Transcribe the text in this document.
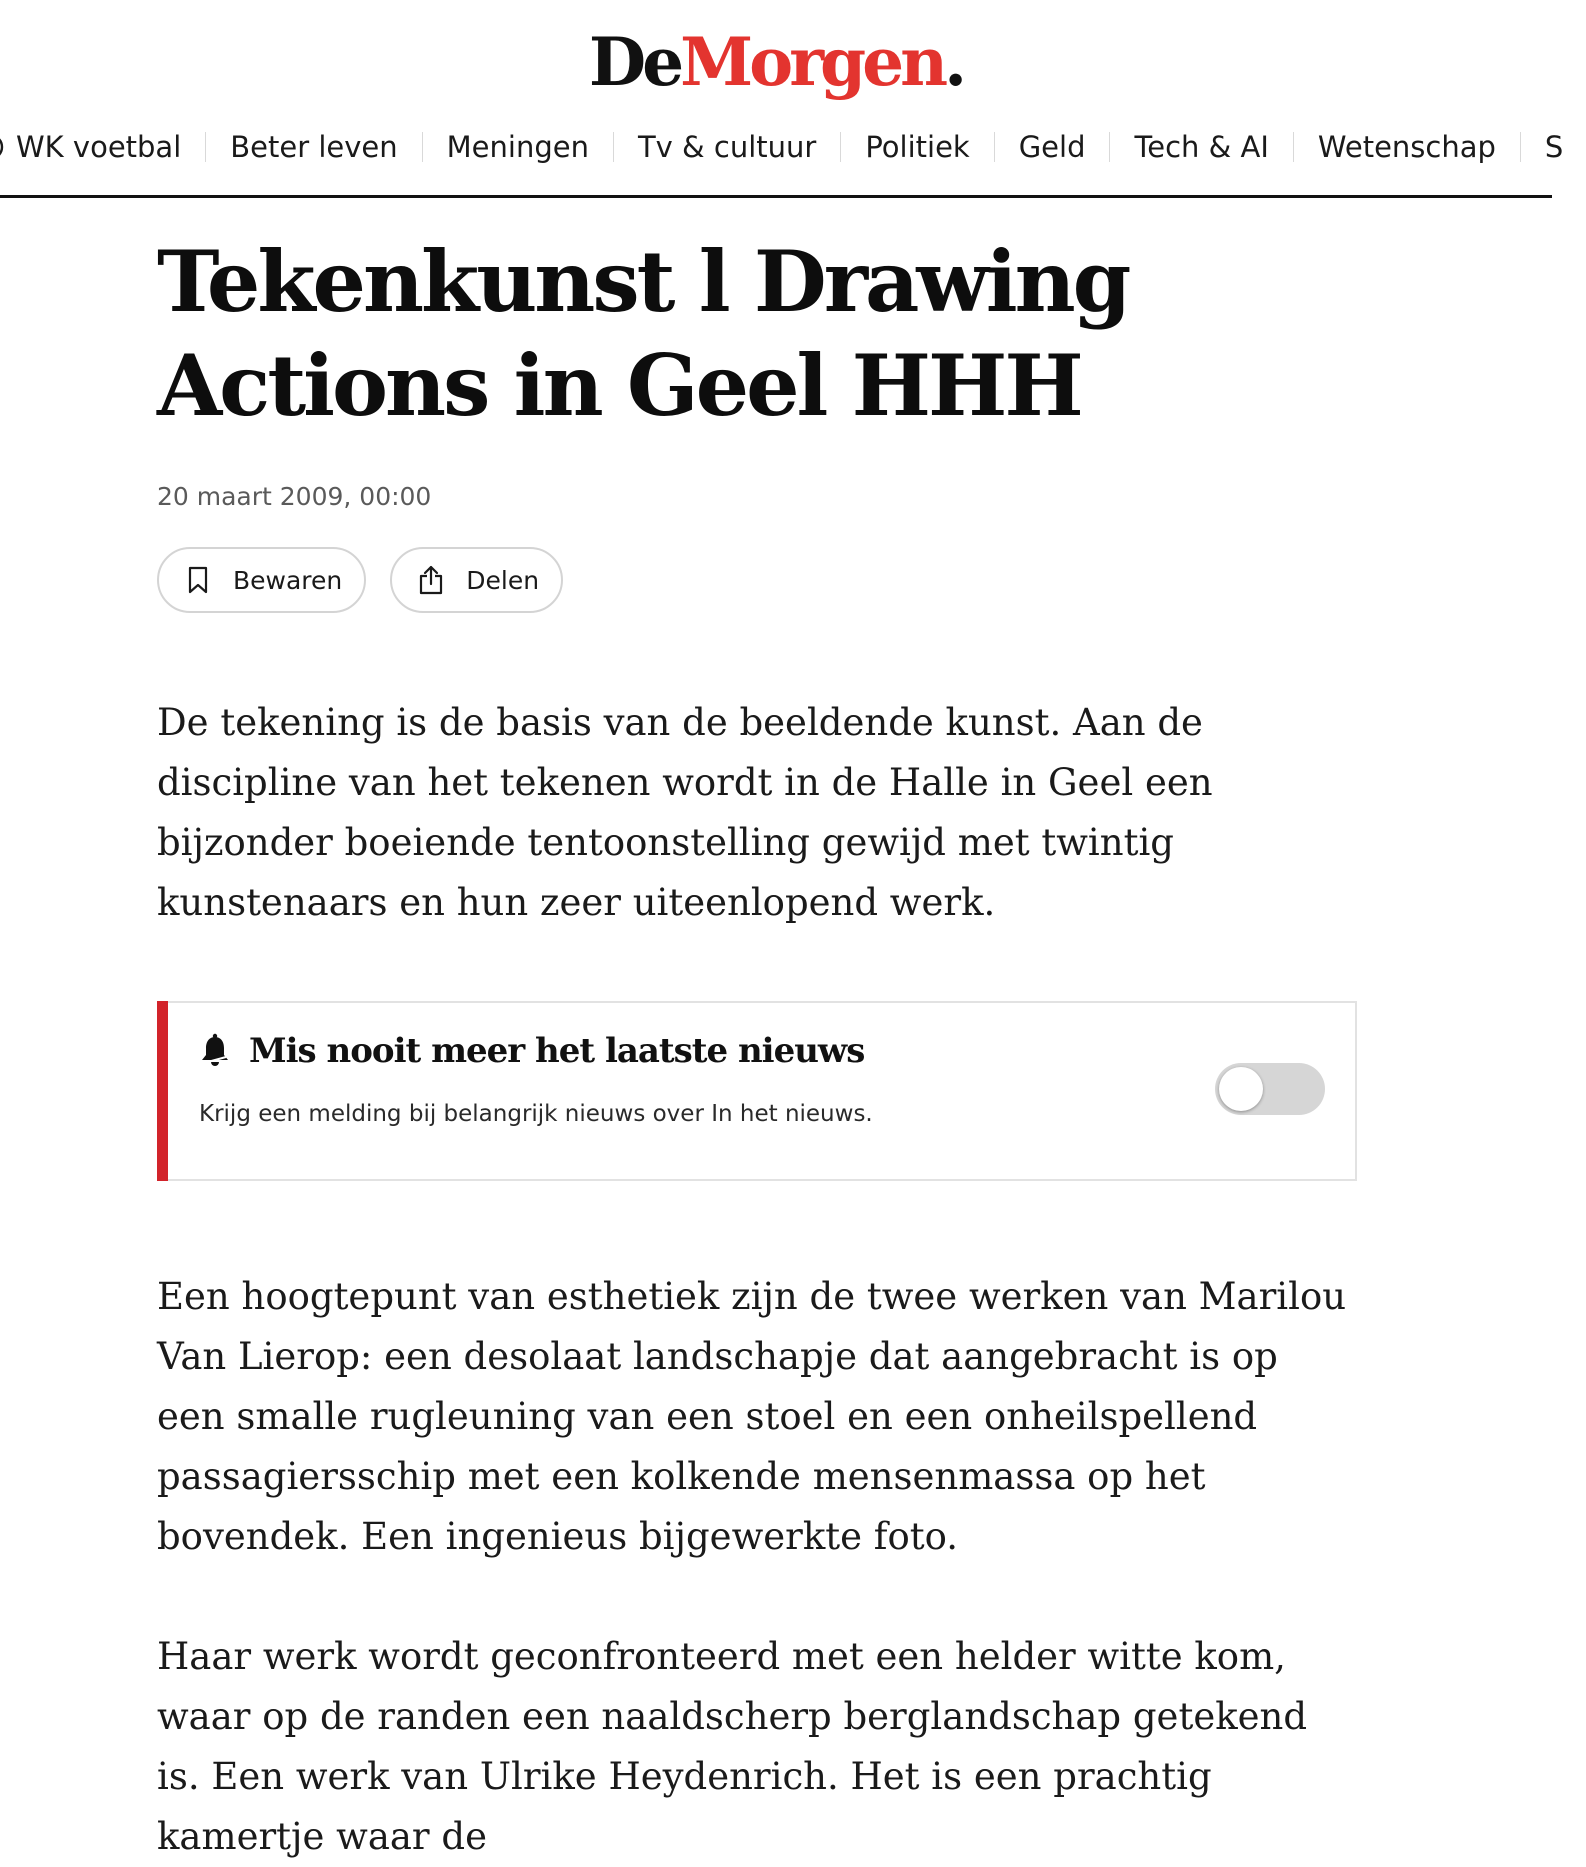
DeMorgen.
WK voetbal Beter leven Meningen Tv & cultuur Politiek Geld Tech & AI Wetenschap S
Tekenkunst l Drawing Actions in Geel HHH
20 maart 2009, 00:00
Bewaren	Delen

De tekening is de basis van de beeldende kunst. Aan de discipline van het tekenen wordt in de Halle in Geel een bijzonder boeiende tentoonstelling gewijd met twintig kunstenaars en hun zeer uiteenlopend werk.

Mis nooit meer het laatste nieuws
Krijg een melding bij belangrijk nieuws over In het nieuws.

Een hoogtepunt van esthetiek zijn de twee werken van Marilou Van Lierop: een desolaat landschapje dat aangebracht is op een smalle rugleuning van een stoel en een onheilspellend passagiersschip met een kolkende mensenmassa op het bovendek. Een ingenieus bijgewerkte foto.

Haar werk wordt geconfronteerd met een helder witte kom, waar op de randen een naaldscherp berglandschap getekend is. Een werk van Ulrike Heydenrich. Het is een prachtig kamertje waar de
